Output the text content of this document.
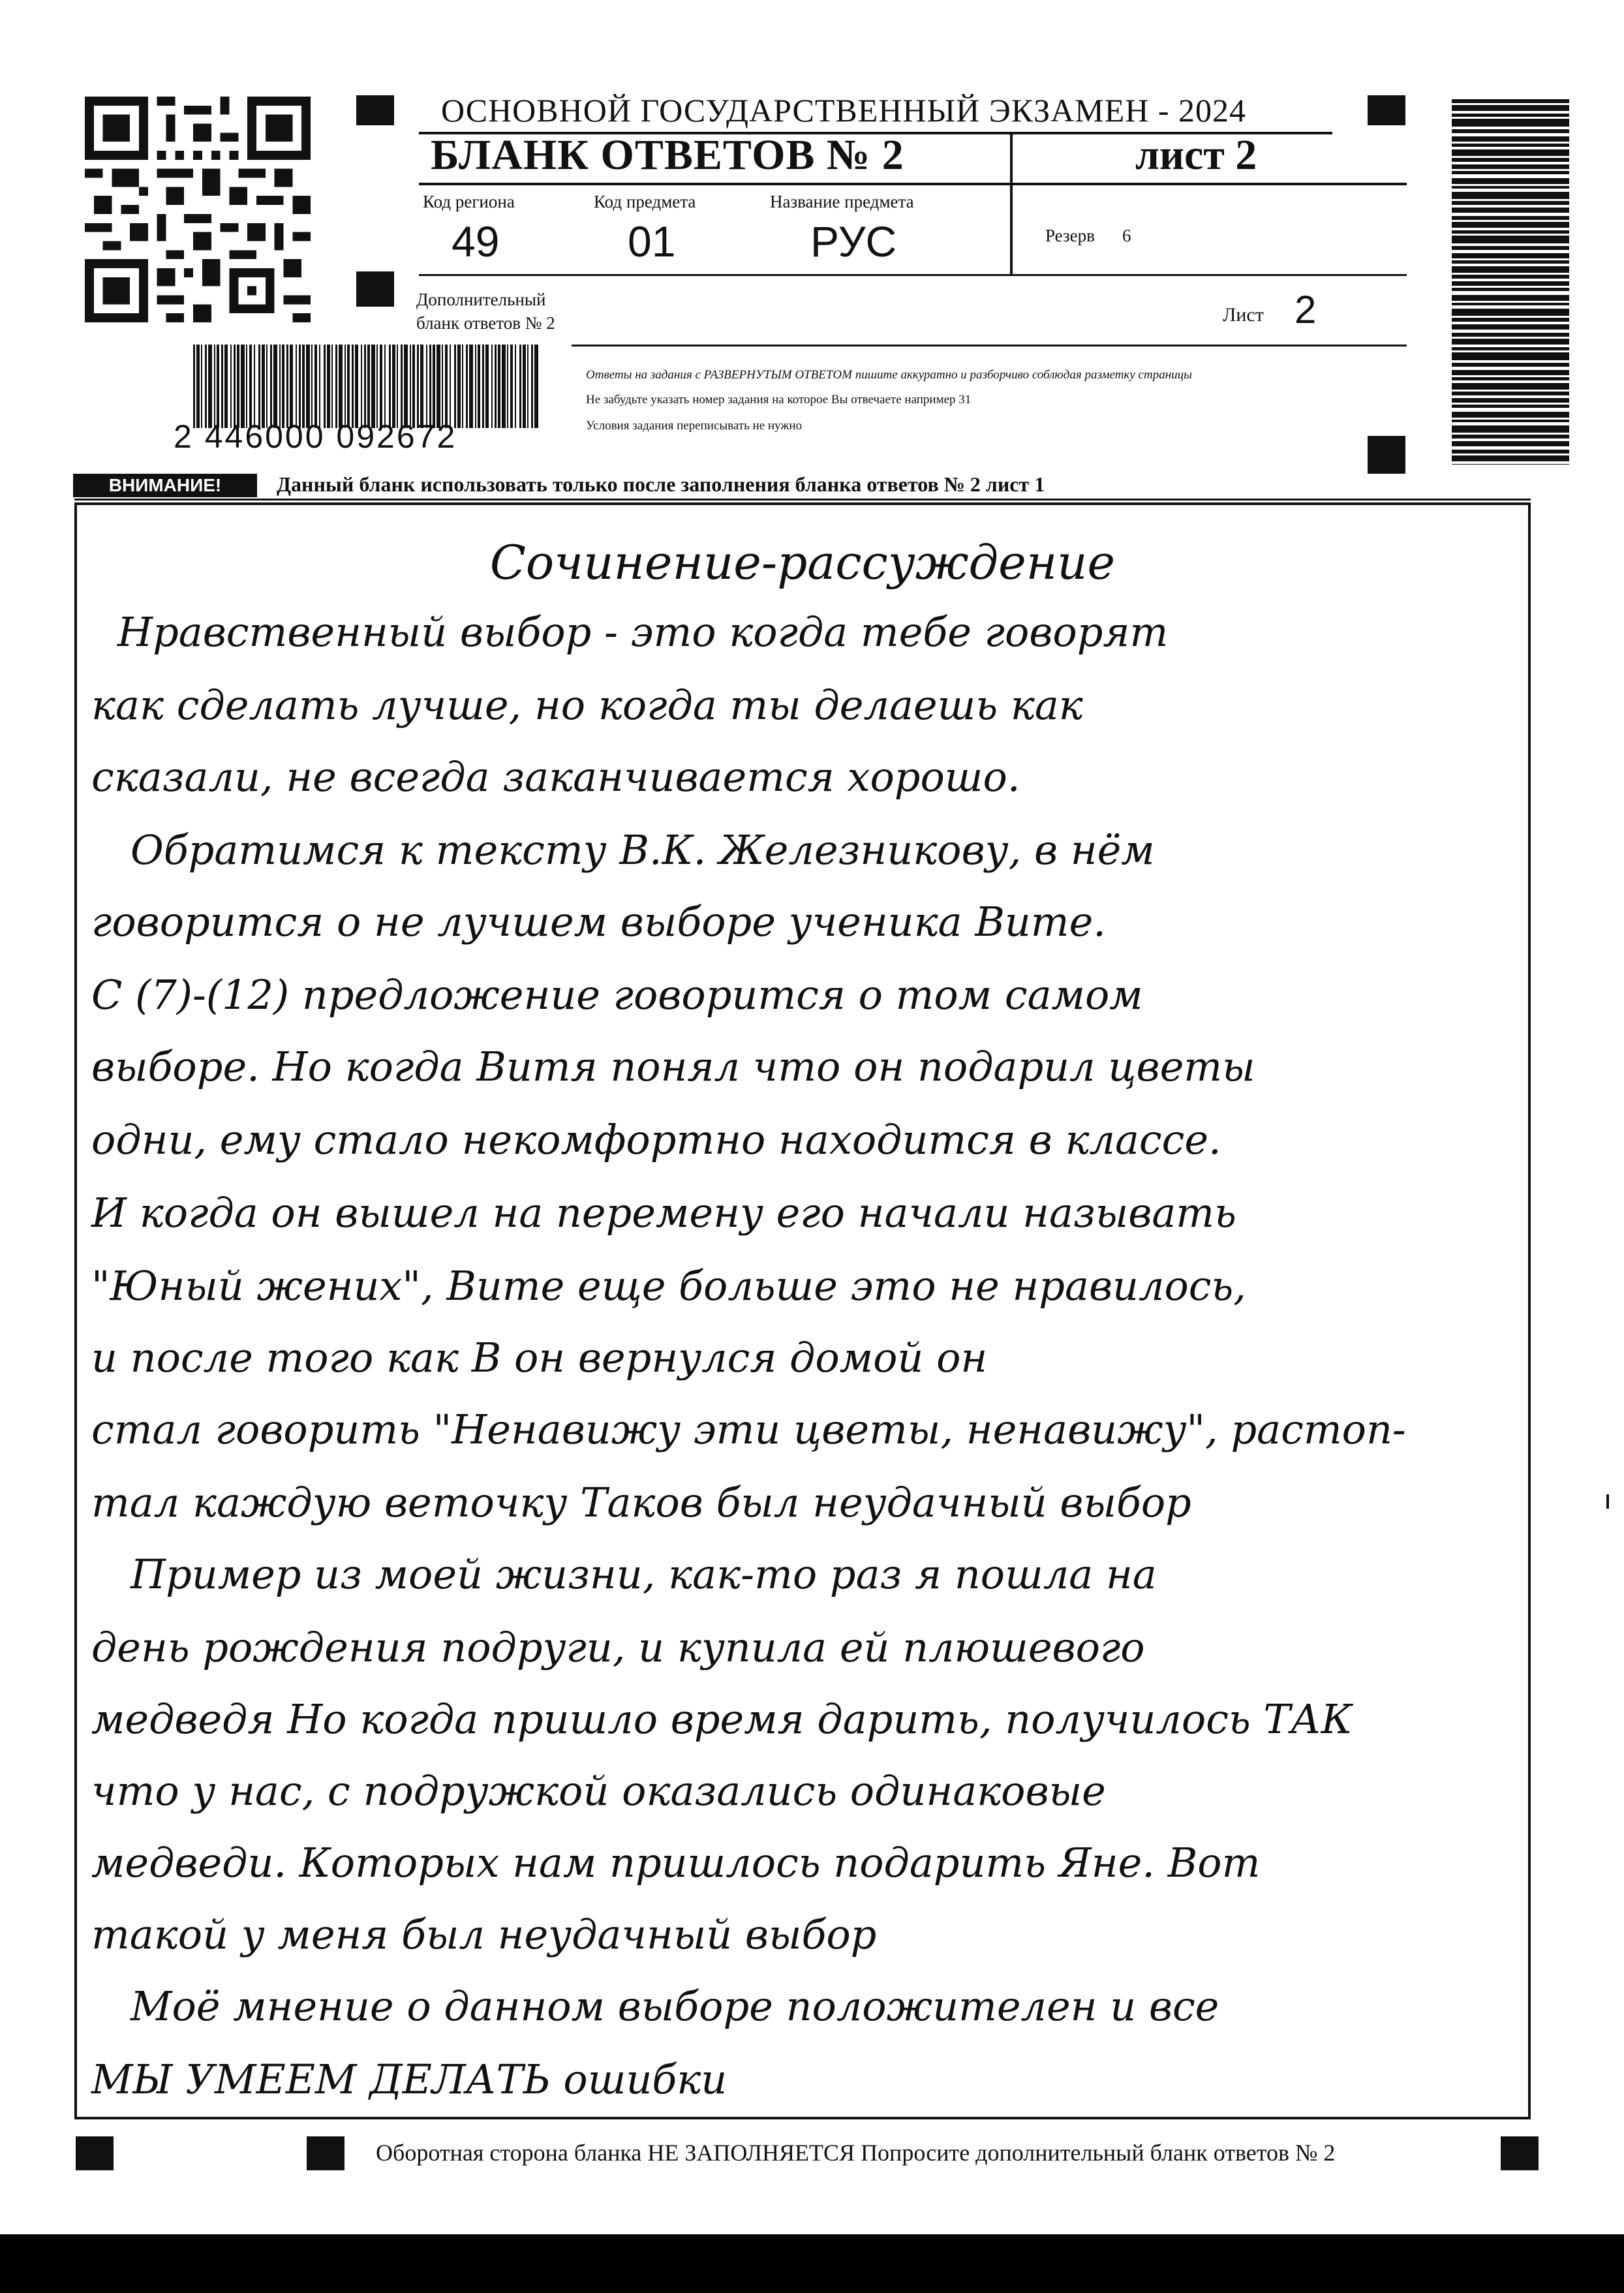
ОСНОВНОЙ ГОСУДАРСТВЕННЫЙ ЭКЗАМЕН - 2024
БЛАНК ОТВЕТОВ № 2	лист 2
Код региона
49
Код предмета
01
Название предмета
РУС	Резерв 6
Дополнительный
бланк ответов № 2	Лист 2
Ответы на задания с РАЗВЕРНУТЫМ ОТВЕТОМ пишите аккуратно и разборчиво соблюдая разметку страницы
Не забудьте указать номер задания на которое Вы отвечаете например 31
Условия задания переписывать не нужно
2 446000 092672
ВНИМАНИЕ!	Данный бланк использовать только после заполнения бланка ответов № 2 лист 1
Сочинение-рассуждение
Нравственный выбор - это когда тебе говорят
как сделать лучше, но когда ты делаешь как
сказали, не всегда заканчивается хорошо.
Обратимся к тексту В.К. Железникову, в нём
говорится о не лучшем выборе ученика Вите.
С (7)-(12) предложение говорится о том самом
выборе. Но когда Витя понял что он подарил цветы
одни, ему стало некомфортно находится в классе.
И когда он вышел на перемену его начали называть
"Юный жених", Вите еще больше это не нравилось,
и после того как В он вернулся домой он
стал говорить "Ненавижу эти цветы, ненавижу", растоп-
тал каждую веточку Таков был неудачный выбор
Пример из моей жизни, как-то раз я пошла на
день рождения подруги, и купила ей плюшевого
медведя Но когда пришло время дарить, получилось ТАК
что у нас, с подружкой оказались одинаковые
медведи. Которых нам пришлось подарить Яне. Вот
такой у меня был неудачный выбор
Моё мнение о данном выборе положителен и все
МЫ УМЕЕМ ДЕЛАТЬ ошибки
Оборотная сторона бланка НЕ ЗАПОЛНЯЕТСЯ Попросите дополнительный бланк ответов № 2
